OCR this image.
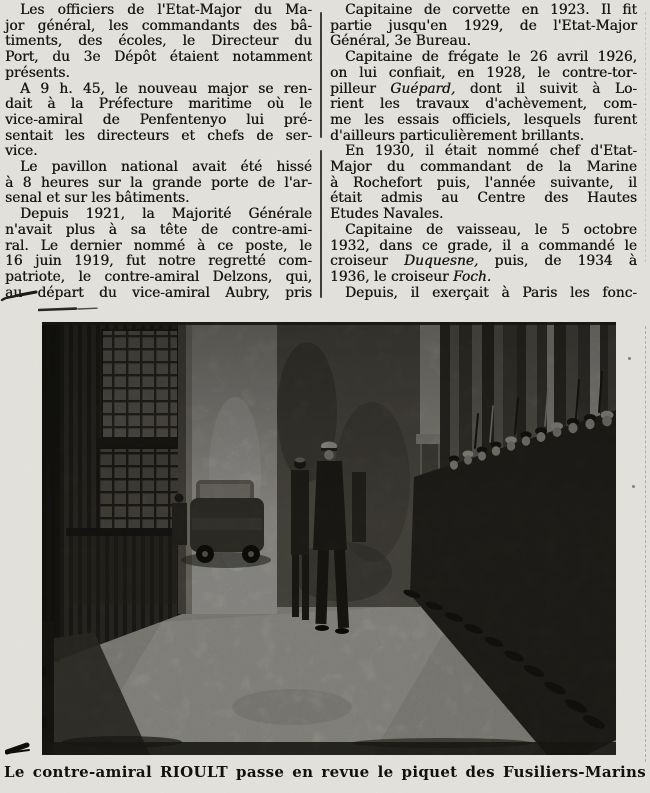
Les officiers de l'Etat-Major du Ma-
jor général, les commandants des bâ-
timents, des écoles, le Directeur du
Port, du 3e Dépôt étaient notamment
présents.
A 9 h. 45, le nouveau major se ren-
dait à la Préfecture maritime où le
vice-amiral de Penfentenyo lui pré-
sentait les directeurs et chefs de ser-
vice.
Le pavillon national avait été hissé
à 8 heures sur la grande porte de l'ar-
senal et sur les bâtiments.
Depuis 1921, la Majorité Générale
n'avait plus à sa tête de contre-ami-
ral. Le dernier nommé à ce poste, le
16 juin 1919, fut notre regretté com-
patriote, le contre-amiral Delzons, qui,
au départ du vice-amiral Aubry, pris
Capitaine de corvette en 1923. Il fit
partie jusqu'en 1929, de l'Etat-Major
Général, 3e Bureau.
Capitaine de frégate le 26 avril 1926,
on lui confiait, en 1928, le contre-tor-
pilleur Guépard, dont il suivit à Lo-
rient les travaux d'achèvement, com-
me les essais officiels, lesquels furent
d'ailleurs particulièrement brillants.
En 1930, il était nommé chef d'Etat-
Major du commandant de la Marine
à Rochefort puis, l'année suivante, il
était admis au Centre des Hautes
Etudes Navales.
Capitaine de vaisseau, le 5 octobre
1932, dans ce grade, il a commandé le
croiseur Duquesne, puis, de 1934 à
1936, le croiseur Foch.
Depuis, il exerçait à Paris les fonc-
Le contre-amiral RIOULT passe en revue le piquet des Fusiliers-Marins
